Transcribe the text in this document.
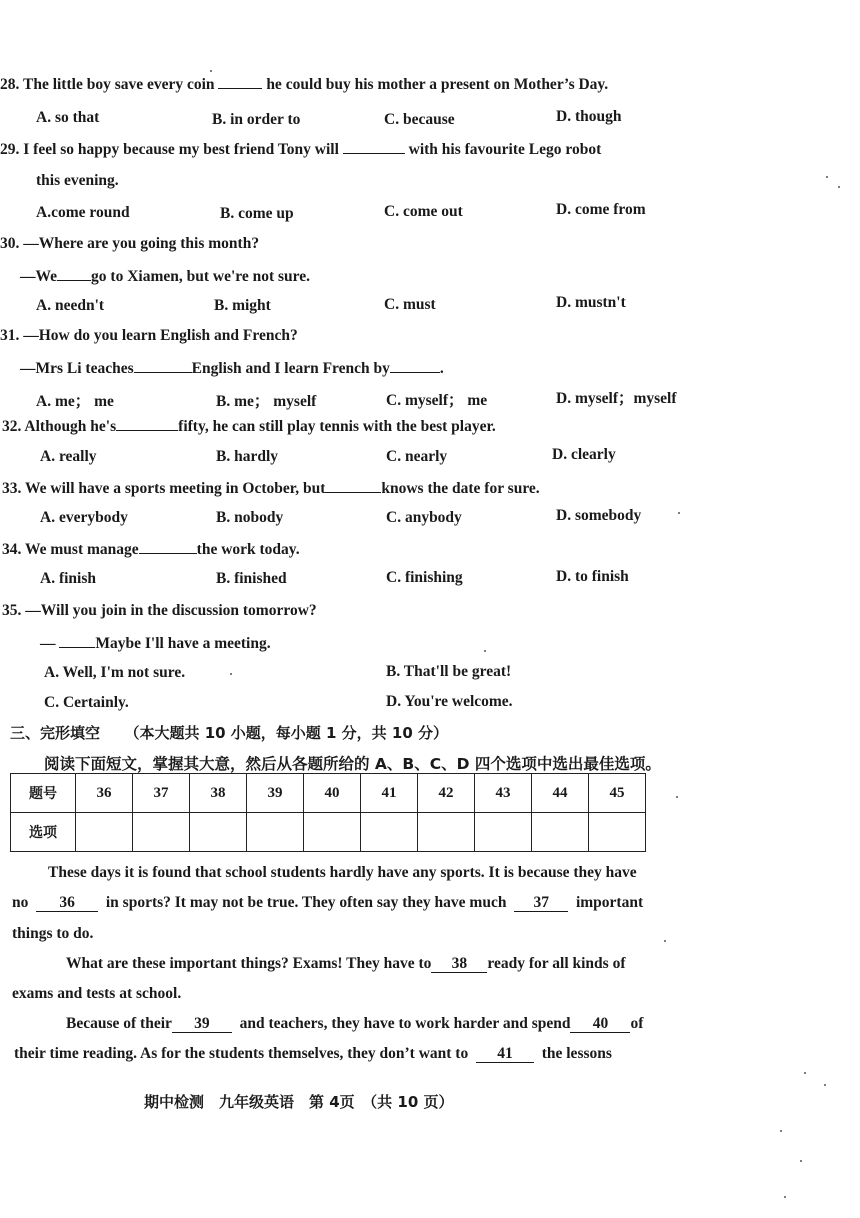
28. The little boy save every coin	he could buy his mother a present on Mother’s Day.
A. so that	B. in order to	C. because	D. though
29. I feel so happy because my best friend Tony will	with his favourite Lego robot
this evening.
A.come round	B. come up	C. come out	D. come from
30. —Where are you going this month?
—We go to Xiamen, but we're not sure.
A. needn't	B. might	C. must	D. mustn't
31. —How do you learn English and French?
—Mrs Li teaches	English and I learn French by	.
A. me； me	B. me； myself	C. myself； me	D. myself；myself
32. Although he's	fifty, he can still play tennis with the best player.
A. really	B. hardly	C. nearly	D. clearly
33. We will have a sports meeting in October, but	knows the date for sure.
A. everybody	B. nobody	C. anybody	D. somebody
34. We must manage	the work today.
A. finish	B. finished	C. finishing	D. to finish
35. —Will you join in the discussion tomorrow?
—	Maybe I'll have a meeting.
A. Well, I'm not sure.	B. That'll be great!
C. Certainly.	D. You're welcome.
三、完形填空 （本大题共 10 小题，每小题 1 分，共 10 分）
阅读下面短文，掌握其大意，然后从各题所给的 A、B、C、D 四个选项中选出最佳选项。
题号	36	37	38	39	40	41	42	43	44	45
选项										
These days it is found that school students hardly have any sports. It is because they have
no 36 in sports? It may not be true. They often say they have much 37 important
things to do.
What are these important things? Exams! They have to 38 ready for all kinds of
exams and tests at school.
Because of their 39 and teachers, they have to work harder and spend 40 of
their time reading. As for the students themselves, they don’t want to 41 the lessons
期中检测　九年级英语　第 4页　（共 10 页）
